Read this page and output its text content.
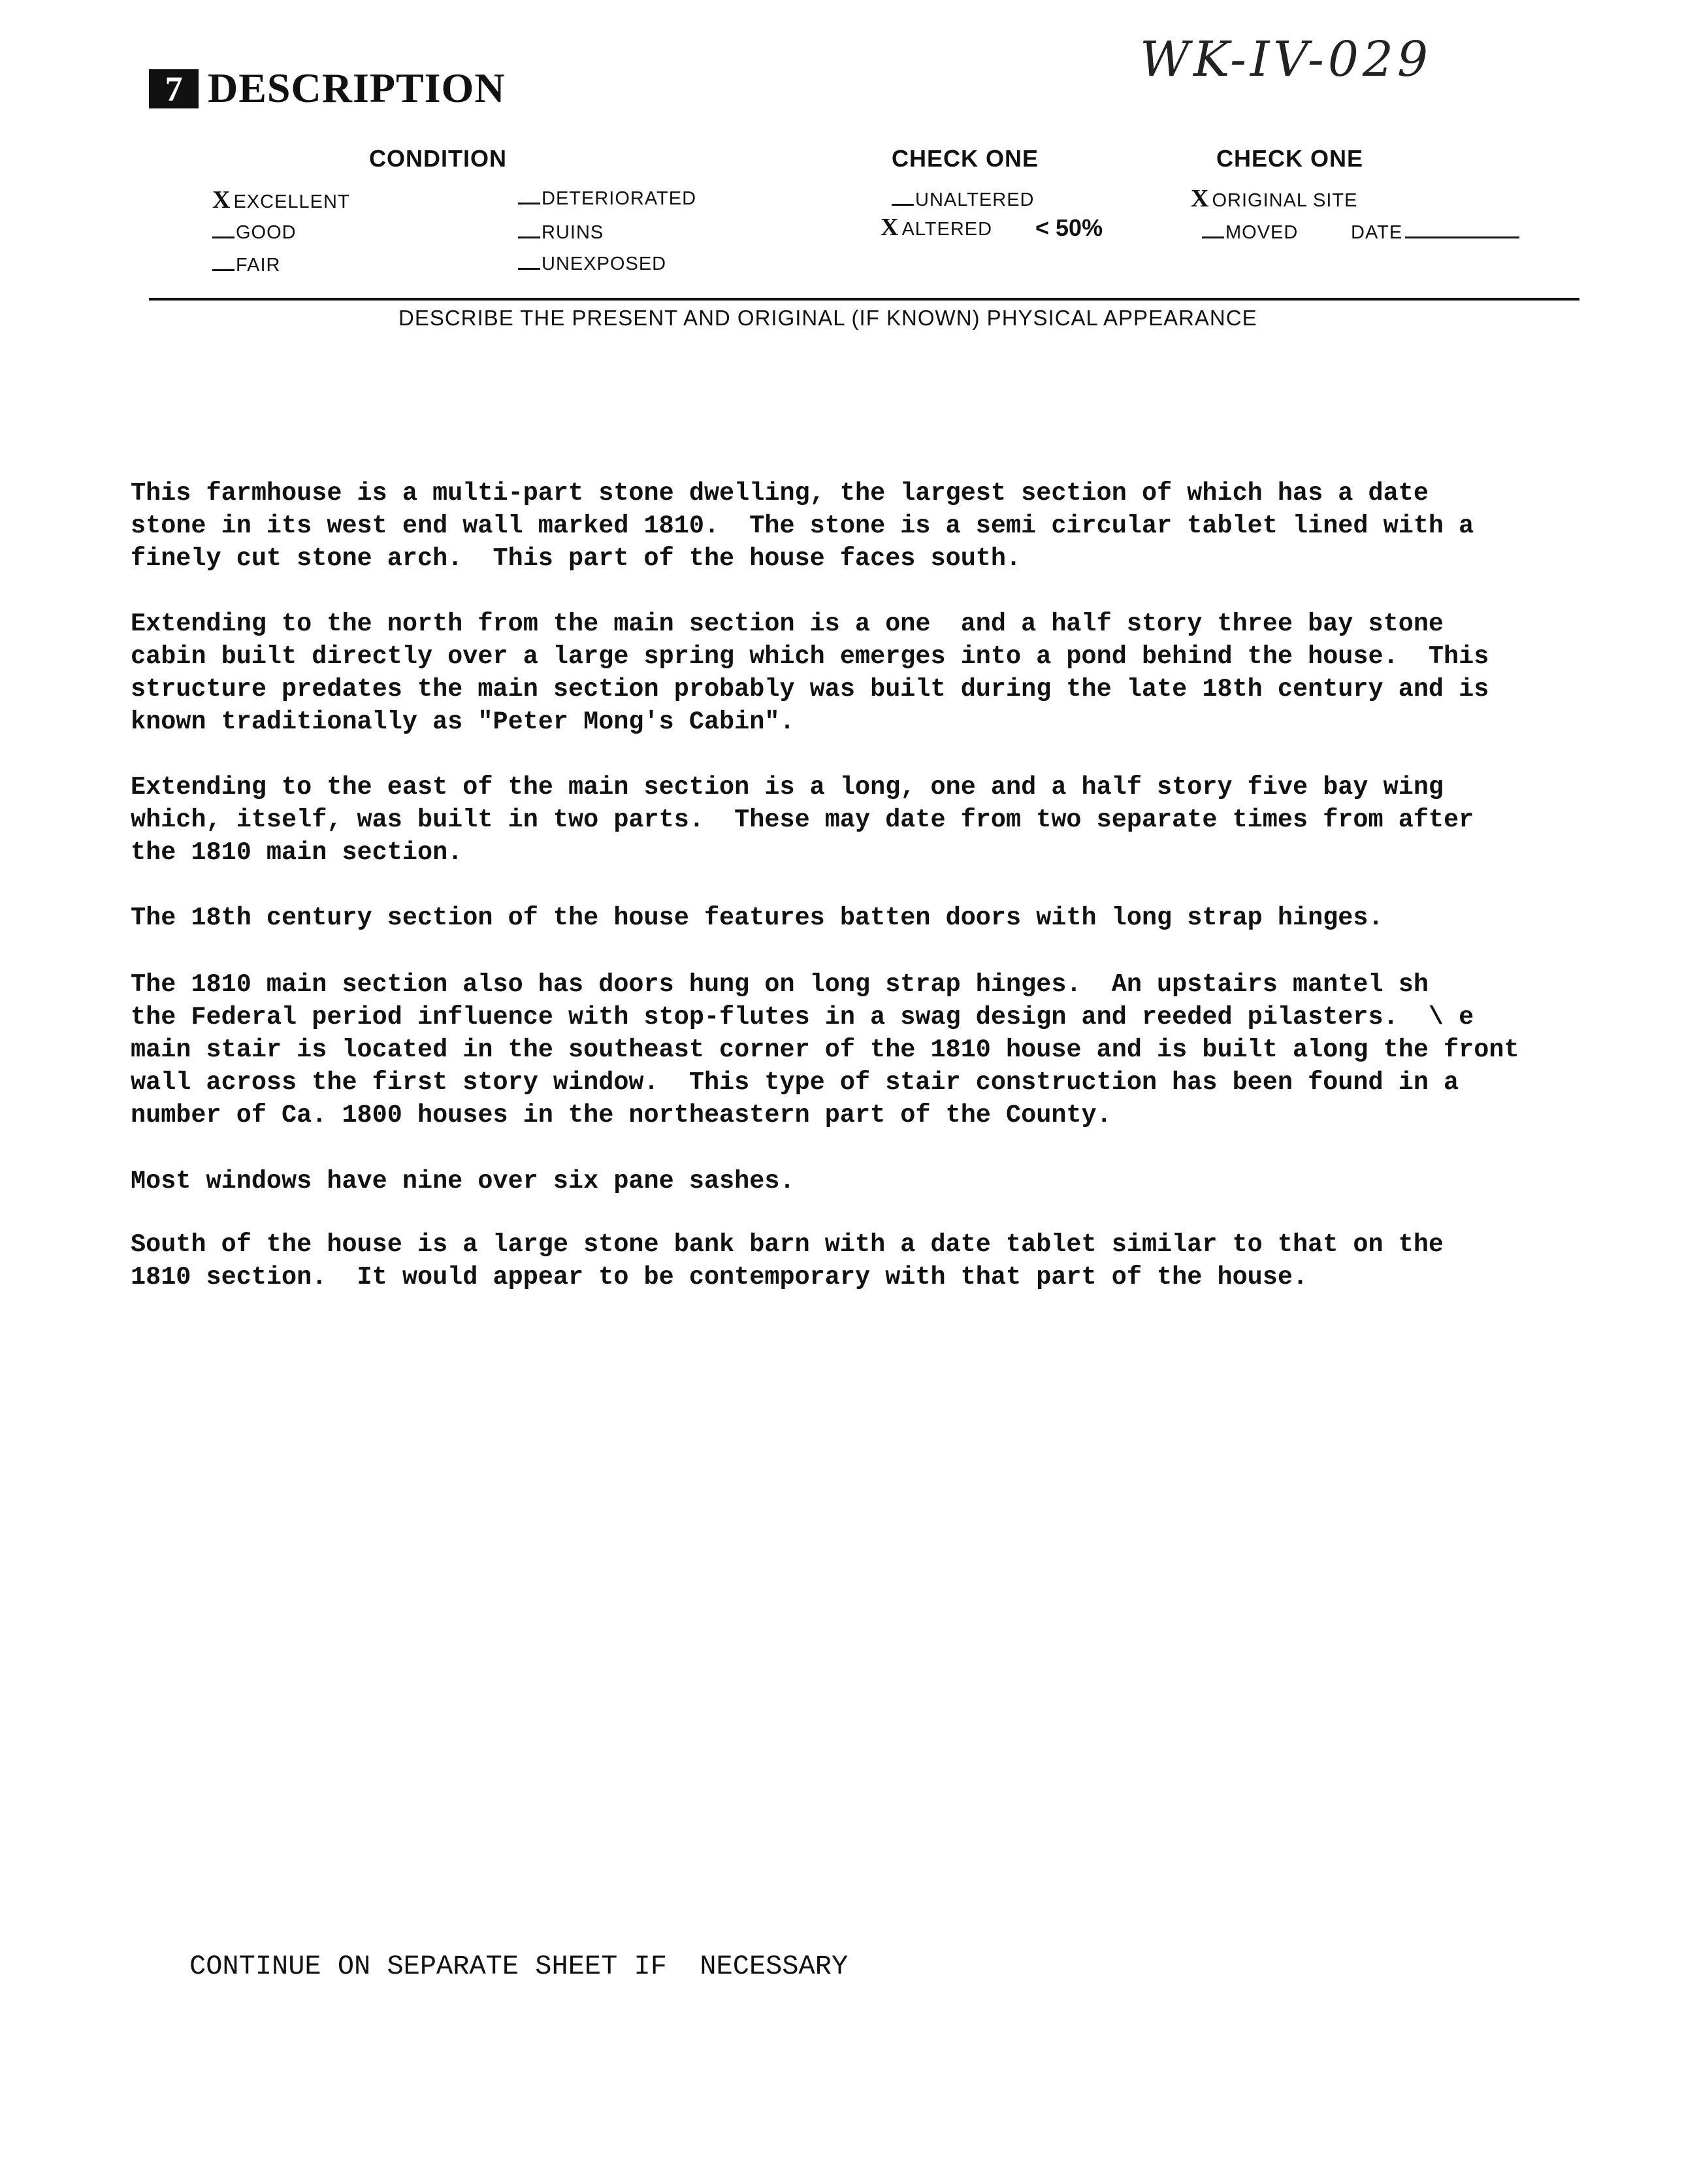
WK-IV-029
7 DESCRIPTION
CONDITION	CHECK ONE	CHECK ONE
X EXCELLENT	DETERIORATED
GOOD	RUINS
FAIR	UNEXPOSED
UNALTERED
X ALTERED < 50%
X ORIGINAL SITE
MOVED	DATE
DESCRIBE THE PRESENT AND ORIGINAL (IF KNOWN) PHYSICAL APPEARANCE

This farmhouse is a multi-part stone dwelling, the largest section of which has a date
stone in its west end wall marked 1810.  The stone is a semi circular tablet lined with a
finely cut stone arch.  This part of the house faces south.

Extending to the north from the main section is a one  and a half story three bay stone
cabin built directly over a large spring which emerges into a pond behind the house.  This
structure predates the main section probably was built during the late 18th century and is
known traditionally as "Peter Mong's Cabin".

Extending to the east of the main section is a long, one and a half story five bay wing
which, itself, was built in two parts.  These may date from two separate times from after
the 1810 main section.

The 18th century section of the house features batten doors with long strap hinges.

The 1810 main section also has doors hung on long strap hinges.  An upstairs mantel sh
the Federal period influence with stop-flutes in a swag design and reeded pilasters.  \ e
main stair is located in the southeast corner of the 1810 house and is built along the front
wall across the first story window.  This type of stair construction has been found in a
number of Ca. 1800 houses in the northeastern part of the County.

Most windows have nine over six pane sashes.

South of the house is a large stone bank barn with a date tablet similar to that on the
1810 section.  It would appear to be contemporary with that part of the house.

CONTINUE ON SEPARATE SHEET IF  NECESSARY
